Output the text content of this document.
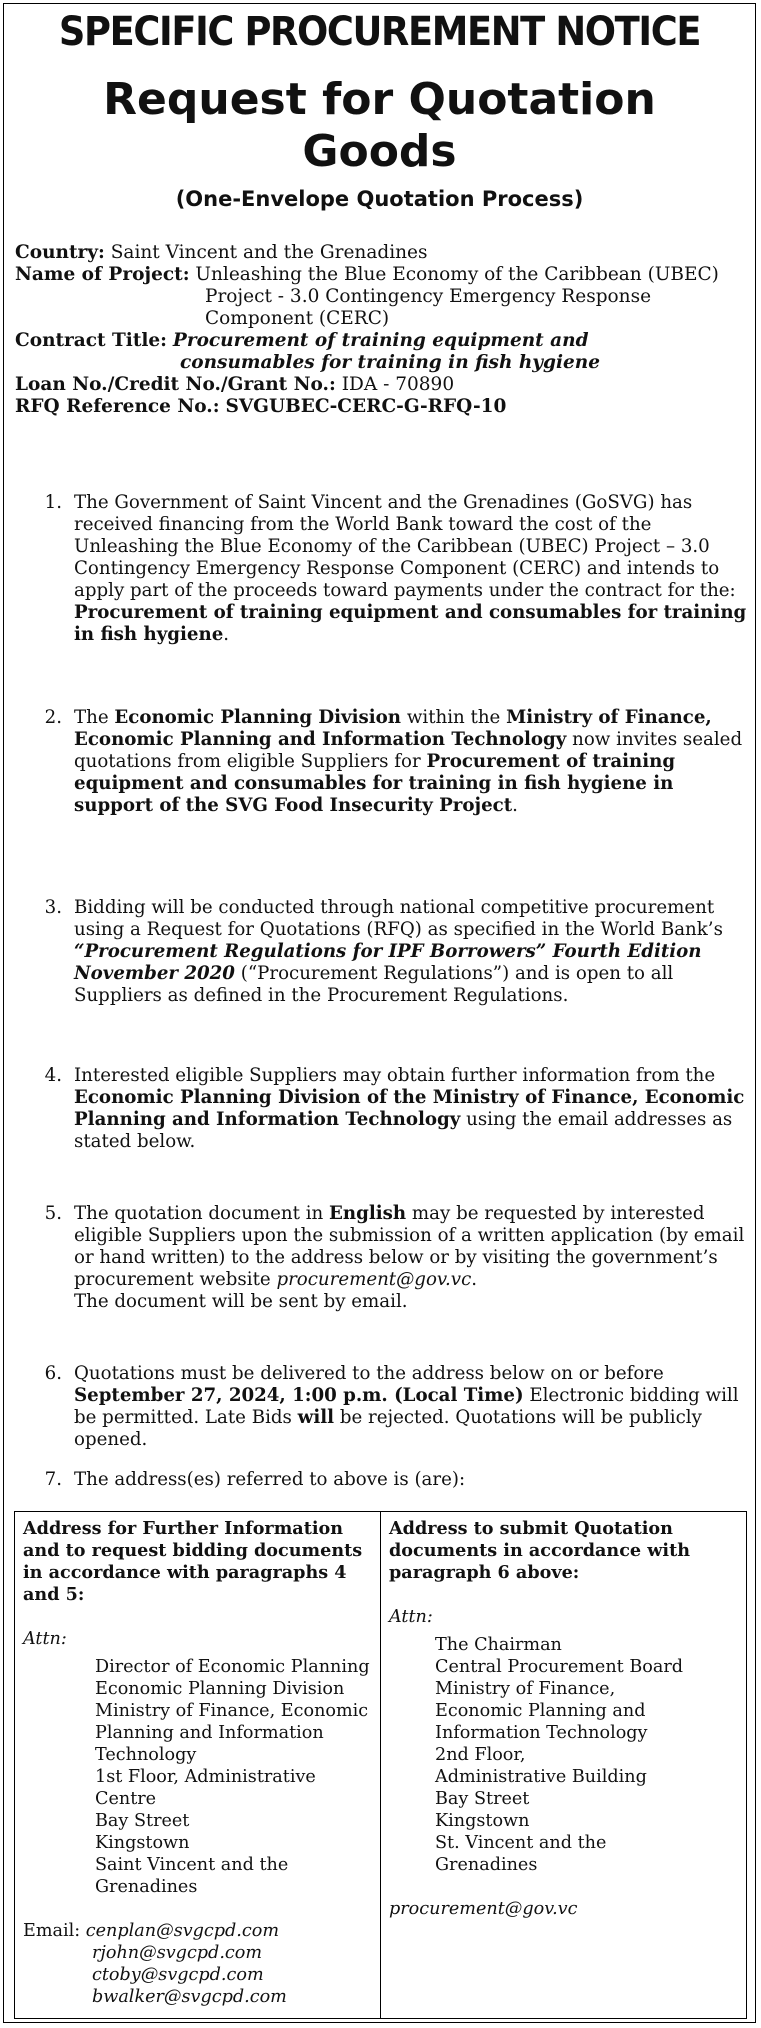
SPECIFIC PROCUREMENT NOTICE
Request for Quotation
Goods
(One-Envelope Quotation Process)
Country: Saint Vincent and the Grenadines
Name of Project: Unleashing the Blue Economy of the Caribbean (UBEC)
Project - 3.0 Contingency Emergency Response
Component (CERC)
Contract Title: Procurement of training equipment and
consumables for training in fish hygiene
Loan No./Credit No./Grant No.: IDA - 70890
RFQ Reference No.: SVGUBEC-CERC-G-RFQ-10
1. The Government of Saint Vincent and the Grenadines (GoSVG) has received financing from the World Bank toward the cost of the Unleashing the Blue Economy of the Caribbean (UBEC) Project – 3.0 Contingency Emergency Response Component (CERC) and intends to apply part of the proceeds toward payments under the contract for the: Procurement of training equipment and consumables for training in fish hygiene.
2. The Economic Planning Division within the Ministry of Finance, Economic Planning and Information Technology now invites sealed quotations from eligible Suppliers for Procurement of training equipment and consumables for training in fish hygiene in support of the SVG Food Insecurity Project.
3. Bidding will be conducted through national competitive procurement using a Request for Quotations (RFQ) as specified in the World Bank’s “Procurement Regulations for IPF Borrowers” Fourth Edition November 2020 (“Procurement Regulations”) and is open to all Suppliers as defined in the Procurement Regulations.
4. Interested eligible Suppliers may obtain further information from the Economic Planning Division of the Ministry of Finance, Economic Planning and Information Technology using the email addresses as stated below.
5. The quotation document in English may be requested by interested eligible Suppliers upon the submission of a written application (by email or hand written) to the address below or by visiting the government’s procurement website procurement@gov.vc.
The document will be sent by email.
6. Quotations must be delivered to the address below on or before September 27, 2024, 1:00 p.m. (Local Time) Electronic bidding will be permitted. Late Bids will be rejected. Quotations will be publicly opened.
7. The address(es) referred to above is (are):
Address for Further Information and to request bidding documents in accordance with paragraphs 4 and 5:
Attn:
Director of Economic Planning
Economic Planning Division
Ministry of Finance, Economic
Planning and Information
Technology
1st Floor, Administrative Centre
Bay Street
Kingstown
Saint Vincent and the Grenadines
Email: cenplan@svgcpd.com
rjohn@svgcpd.com
ctoby@svgcpd.com
bwalker@svgcpd.com

Address to submit Quotation documents in accordance with paragraph 6 above:
Attn:
The Chairman
Central Procurement Board
Ministry of Finance,
Economic Planning and
Information Technology
2nd Floor,
Administrative Building
Bay Street
Kingstown
St. Vincent and the
Grenadines
procurement@gov.vc
